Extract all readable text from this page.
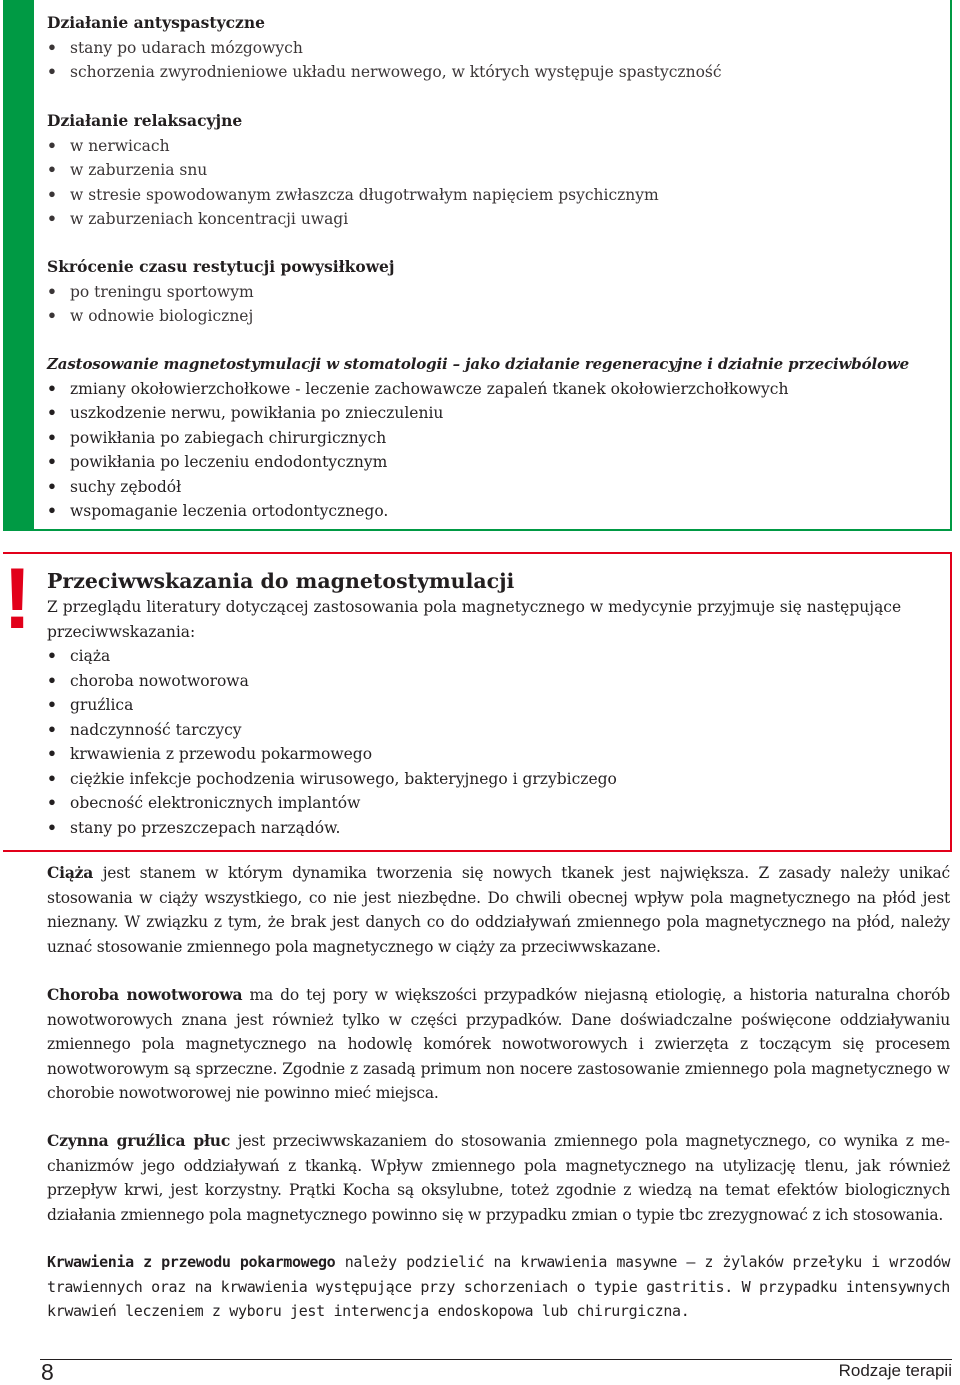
Działanie antyspastyczne
• stany po udarach mózgowych
• schorzenia zwyrodnieniowe układu nerwowego, w których występuje spastyczność
Działanie relaksacyjne
• w nerwicach
• w zaburzenia snu
• w stresie spowodowanym zwłaszcza długotrwałym napięciem psychicznym
• w zaburzeniach koncentracji uwagi
Skrócenie czasu restytucji powysiłkowej
• po treningu sportowym
• w odnowie biologicznej
Zastosowanie magnetostymulacji w stomatologii – jako działanie regeneracyjne i działnie przeciwbólowe
• zmiany okołowierzchołkowe - leczenie zachowawcze zapaleń tkanek okołowierzchołkowych
• uszkodzenie nerwu, powikłania po znieczuleniu
• powikłania po zabiegach chirurgicznych
• powikłania po leczeniu endodontycznym
• suchy zębodół
• wspomaganie leczenia ortodontycznego.
! Przeciwwskazania do magnetostymulacji
Z przeglądu literatury dotyczącej zastosowania pola magnetycznego w medycynie przyjmuje się następujące przeciwwskazania:
• ciąża
• choroba nowotworowa
• gruźlica
• nadczynność tarczycy
• krwawienia z przewodu pokarmowego
• ciężkie infekcje pochodzenia wirusowego, bakteryjnego i grzybiczego
• obecność elektronicznych implantów
• stany po przeszczepach narządów.

Ciąża jest stanem w którym dynamika tworzenia się nowych tkanek jest największa. Z zasady należy unikać stosowania w ciąży wszystkiego, co nie jest niezbędne. Do chwili obecnej wpływ pola magnetycznego na płód jest nieznany. W związku z tym, że brak jest danych co do oddziaływań zmiennego pola magnetycznego na płód, należy uznać stosowanie zmiennego pola magnetycznego w ciąży za przeciwwskazane.

Choroba nowotworowa ma do tej pory w większości przypadków niejasną etiologię, a historia naturalna chorób nowotworowych znana jest również tylko w części przypadków. Dane doświadczalne poświęcone oddziaływaniu zmiennego pola magnetycznego na hodowlę komórek nowotworowych i zwierzęta z toczącym się procesem nowotworowym są sprzeczne. Zgodnie z zasadą primum non nocere zastosowanie zmiennego pola magnetycznego w chorobie nowotworowej nie powinno mieć miejsca.

Czynna gruźlica płuc jest przeciwwskazaniem do stosowania zmiennego pola magnetycznego, co wynika z mechanizmów jego oddziaływań z tkanką. Wpływ zmiennego pola magnetycznego na utylizację tlenu, jak również przepływ krwi, jest korzystny. Prątki Kocha są oksylubne, toteż zgodnie z wiedzą na temat efektów biologicznych działania zmiennego pola magnetycznego powinno się w przypadku zmian o typie tbc zrezygnować z ich stosowania.

Krwawienia z przewodu pokarmowego należy podzielić na krwawienia masywne – z żylaków przełyku i wrzodów trawiennych oraz na krwawienia występujące przy schorzeniach o typie gastritis. W przypadku intensywnych krwawień leczeniem z wyboru jest interwencja endoskopowa lub chirurgiczna.

8	Rodzaje terapii
